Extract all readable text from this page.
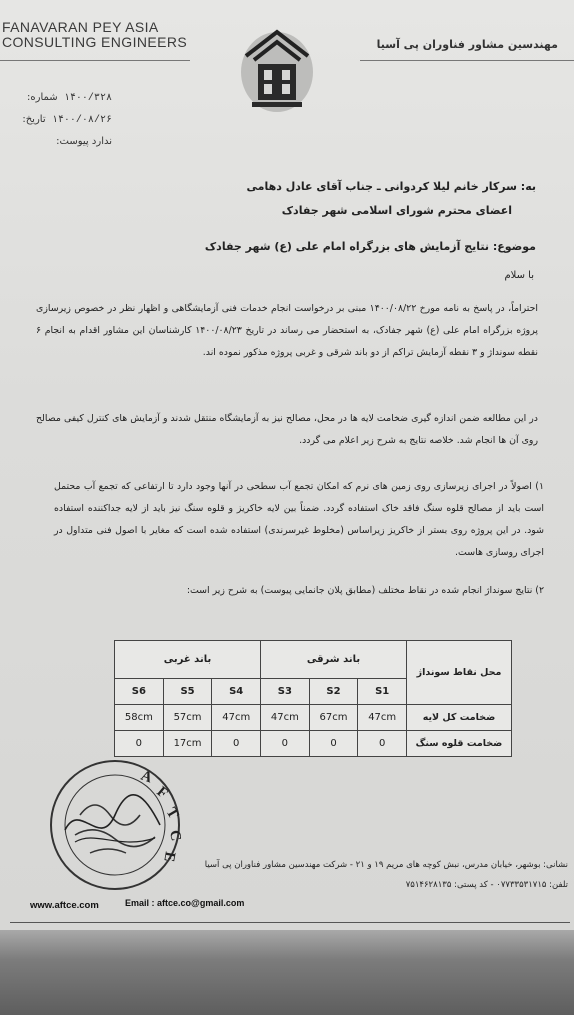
FANAVARAN PEY ASIA
CONSULTING ENGINEERS	مهندسین مشاور فناوران پی آسیا
۱۴۰۰/۳۲۸ شماره:
۱۴۰۰/۰۸/۲۶ تاریخ:
ندارد پیوست:
به: سرکار خانم لیلا کردوانی ـ جناب آقای عادل دهامی
اعضای محترم شورای اسلامی شهر جفادک
موضوع: نتایج آزمایش های بزرگراه امام علی (ع) شهر جفادک
با سلام
احتراماً، در پاسخ به نامه مورخ ۱۴۰۰/۰۸/۲۲ مبنی بر درخواست انجام خدمات فنی آزمایشگاهی و اظهار نظر در خصوص زیرسازی پروژه بزرگراه امام علی (ع) شهر جفادک، به استحضار می رساند در تاریخ ۱۴۰۰/۰۸/۲۳ کارشناسان این مشاور اقدام به انجام ۶ نقطه سونداژ و ۳ نقطه آزمایش تراکم از دو باند شرقی و غربی پروژه مذکور نموده اند.
در این مطالعه ضمن اندازه گیری ضخامت لایه ها در محل، مصالح نیز به آزمایشگاه منتقل شدند و آزمایش های کنترل کیفی مصالح روی آن ها انجام شد. خلاصه نتایج به شرح زیر اعلام می گردد.
۱) اصولاً در اجرای زیرسازی روی زمین های نرم که امکان تجمع آب سطحی در آنها وجود دارد تا ارتفاعی که تجمع آب محتمل است باید از مصالح قلوه سنگ فاقد خاک استفاده گردد. ضمناً بین لایه خاکریز و قلوه سنگ نیز باید از لایه جداکننده استفاده شود. در این پروژه روی بستر از خاکریز زیراساس (مخلوط غیرسرندی) استفاده شده است که مغایر با اصول فنی متداول در اجرای روسازی هاست.
۲) نتایج سونداژ انجام شده در نقاط مختلف (مطابق پلان جانمایی پیوست) به شرح زیر است:
محل نقاط سونداژ	باند شرقی			باند غربی		
	S1	S2	S3	S4	S5	S6
ضخامت کل لایه	47cm	67cm	47cm	47cm	57cm	58cm
ضخامت قلوه سنگ	0	0	0	0	17cm	0
A
F
T
C
E
نشانی: بوشهر، خیابان مدرس، نبش کوچه های مریم ۱۹ و ۲۱ - شرکت مهندسین مشاور فناوران پی آسیا
تلفن: ۰۷۷۳۳۵۳۱۷۱۵ - کد پستی: ۷۵۱۴۶۲۸۱۳۵
www.aftce.com	Email : aftce.co@gmail.com
